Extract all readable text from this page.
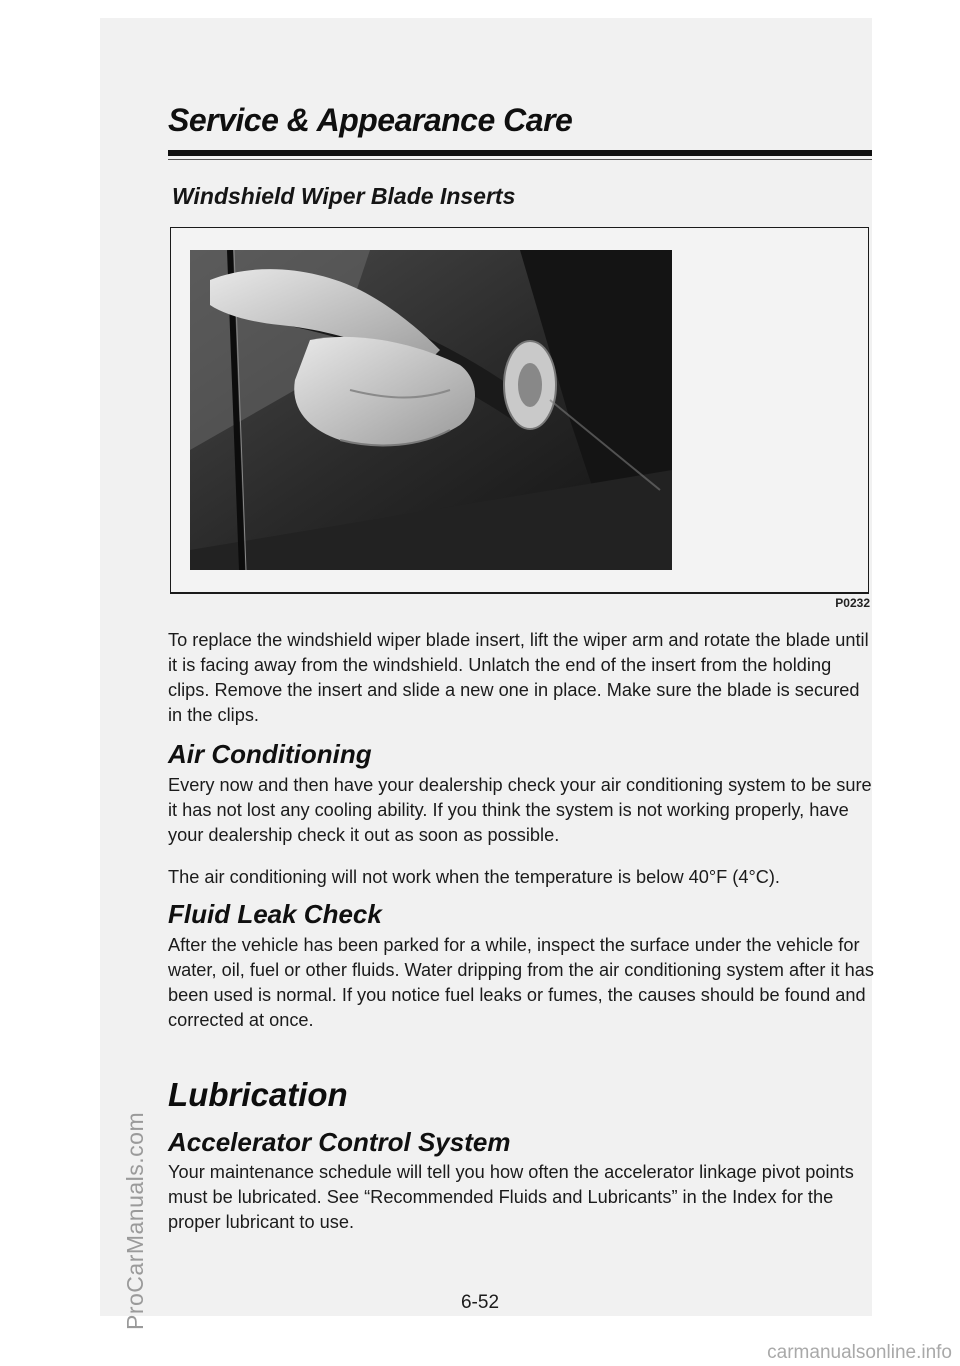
ProCarManuals.com
Service & Appearance Care
Windshield Wiper Blade Inserts
P0232

To replace the windshield wiper blade insert, lift the wiper arm and rotate the blade until it is facing away from the windshield. Unlatch the end of the insert from the holding clips. Remove the insert and slide a new one in place. Make sure the blade is secured in the clips.

Air Conditioning

Every now and then have your dealership check your air conditioning system to be sure it has not lost any cooling ability. If you think the system is not working properly, have your dealership check it out as soon as possible.

The air conditioning will not work when the temperature is below 40°F (4°C).

Fluid Leak Check

After the vehicle has been parked for a while, inspect the surface under the vehicle for water, oil, fuel or other fluids. Water dripping from the air conditioning system after it has been used is normal. If you notice fuel leaks or fumes, the causes should be found and corrected at once.

Lubrication
Accelerator Control System

Your maintenance schedule will tell you how often the accelerator linkage pivot points must be lubricated. See “Recommended Fluids and Lubricants” in the Index for the proper lubricant to use.

6-52
carmanualsonline.info
